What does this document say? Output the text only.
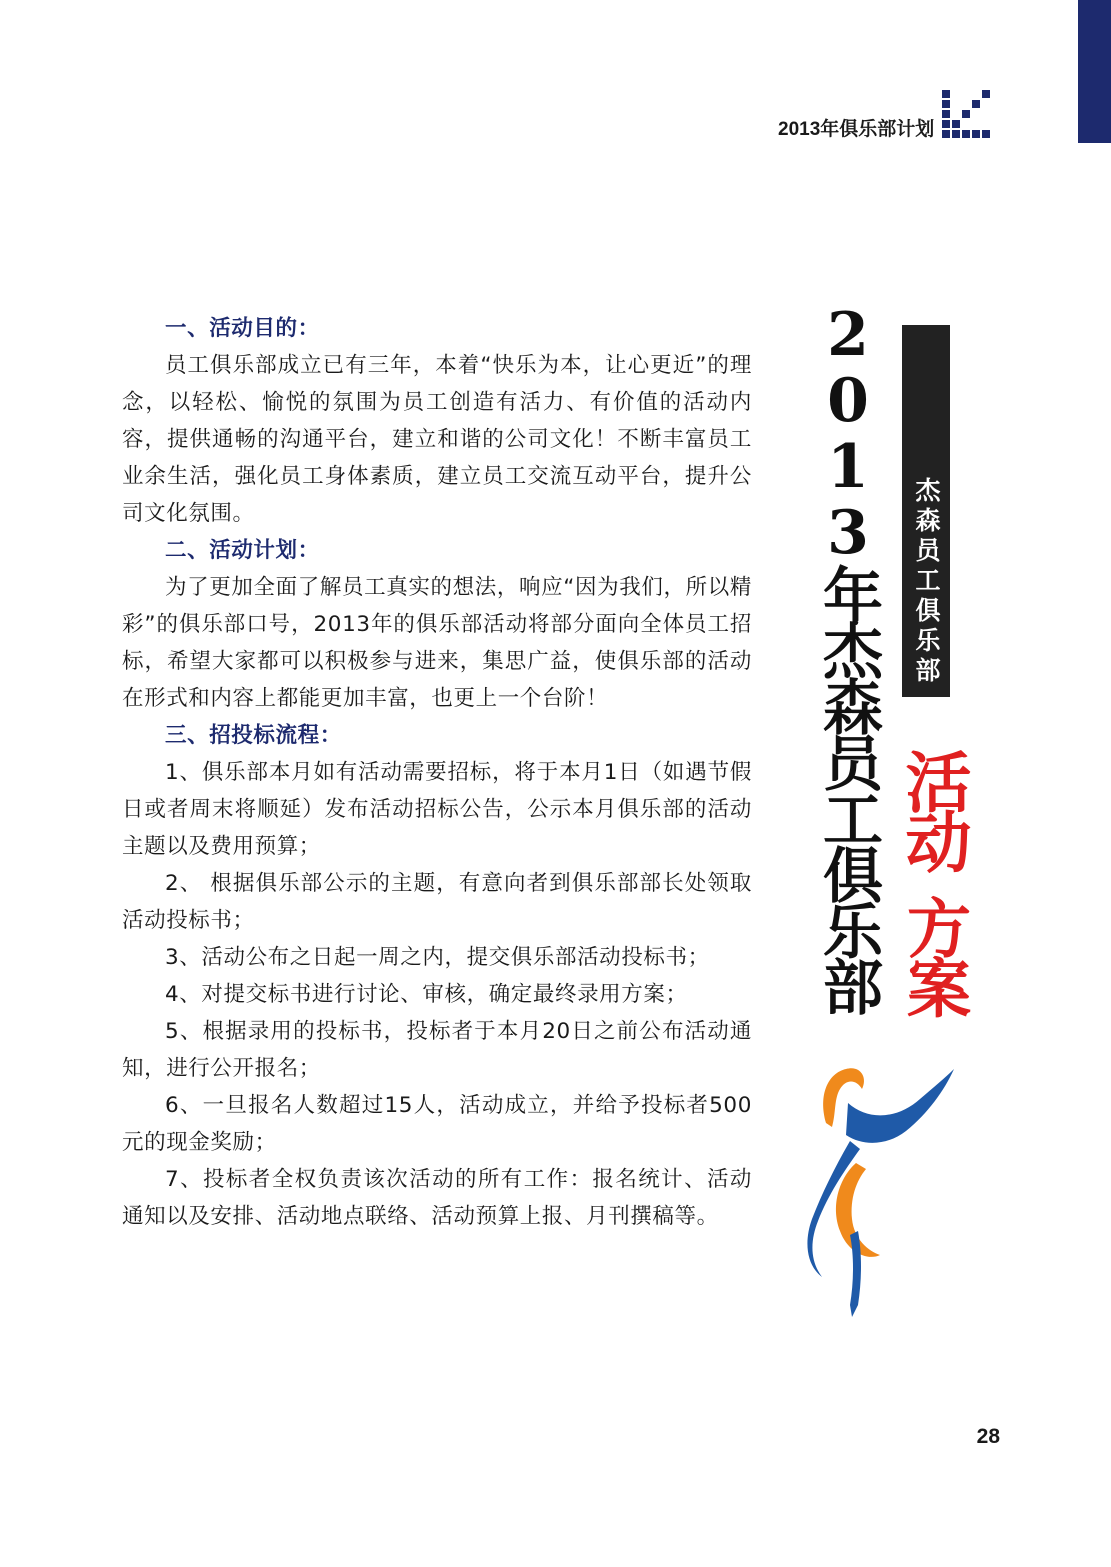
2013年俱乐部计划

一、活动目的：

员工俱乐部成立已有三年，本着“快乐为本，让心更近”的理念，以轻松、愉悦的氛围为员工创造有活力、有价值的活动内容，提供通畅的沟通平台，建立和谐的公司文化！不断丰富员工业余生活，强化员工身体素质，建立员工交流互动平台，提升公司文化氛围。

二、活动计划：

为了更加全面了解员工真实的想法，响应“因为我们，所以精彩”的俱乐部口号，2013年的俱乐部活动将部分面向全体员工招标，希望大家都可以积极参与进来，集思广益，使俱乐部的活动在形式和内容上都能更加丰富，也更上一个台阶！

三、招投标流程：

1、俱乐部本月如有活动需要招标，将于本月1日（如遇节假日或者周末将顺延）发布活动招标公告，公示本月俱乐部的活动主题以及费用预算；

2、 根据俱乐部公示的主题，有意向者到俱乐部部长处领取活动投标书；

3、活动公布之日起一周之内，提交俱乐部活动投标书；

4、对提交标书进行讨论、审核，确定最终录用方案；

5、根据录用的投标书，投标者于本月20日之前公布活动通知，进行公开报名；

6、一旦报名人数超过15人，活动成立，并给予投标者500元的现金奖励；

7、投标者全权负责该次活动的所有工作：报名统计、活动通知以及安排、活动地点联络、活动预算上报、月刊撰稿等。

2013年杰森员工俱乐部 杰森员工俱乐部
活动
方案
28
